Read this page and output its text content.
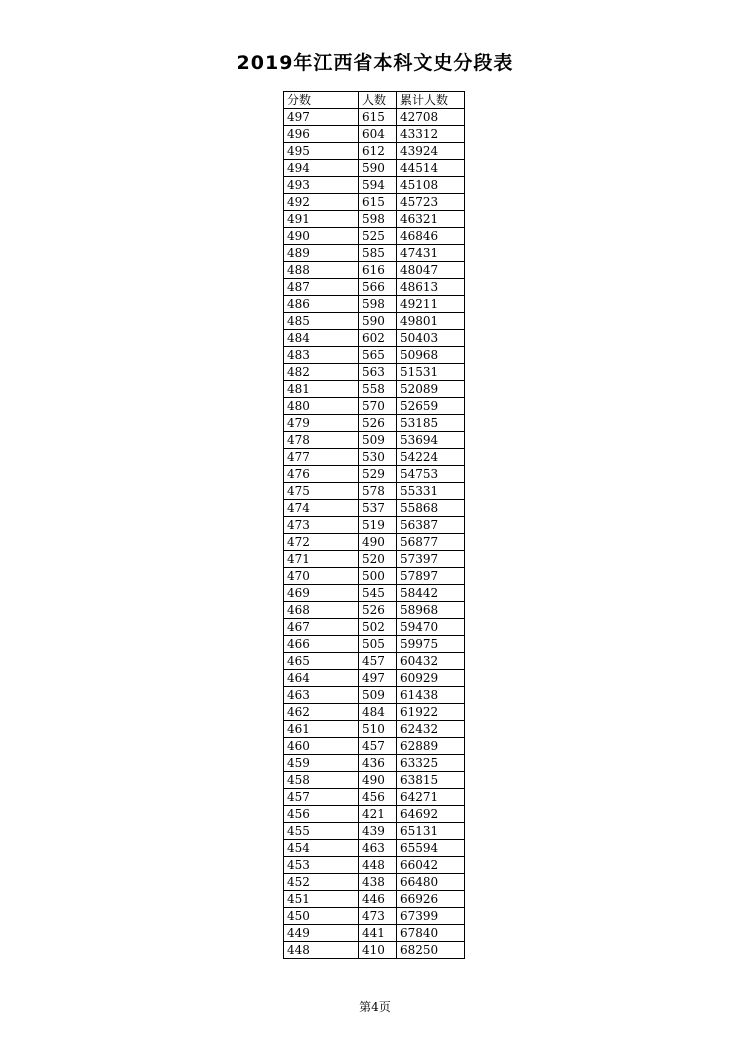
2019年江西省本科文史分段表
分数	人数	累计人数
497	615	42708
496	604	43312
495	612	43924
494	590	44514
493	594	45108
492	615	45723
491	598	46321
490	525	46846
489	585	47431
488	616	48047
487	566	48613
486	598	49211
485	590	49801
484	602	50403
483	565	50968
482	563	51531
481	558	52089
480	570	52659
479	526	53185
478	509	53694
477	530	54224
476	529	54753
475	578	55331
474	537	55868
473	519	56387
472	490	56877
471	520	57397
470	500	57897
469	545	58442
468	526	58968
467	502	59470
466	505	59975
465	457	60432
464	497	60929
463	509	61438
462	484	61922
461	510	62432
460	457	62889
459	436	63325
458	490	63815
457	456	64271
456	421	64692
455	439	65131
454	463	65594
453	448	66042
452	438	66480
451	446	66926
450	473	67399
449	441	67840
448	410	68250
第4页
